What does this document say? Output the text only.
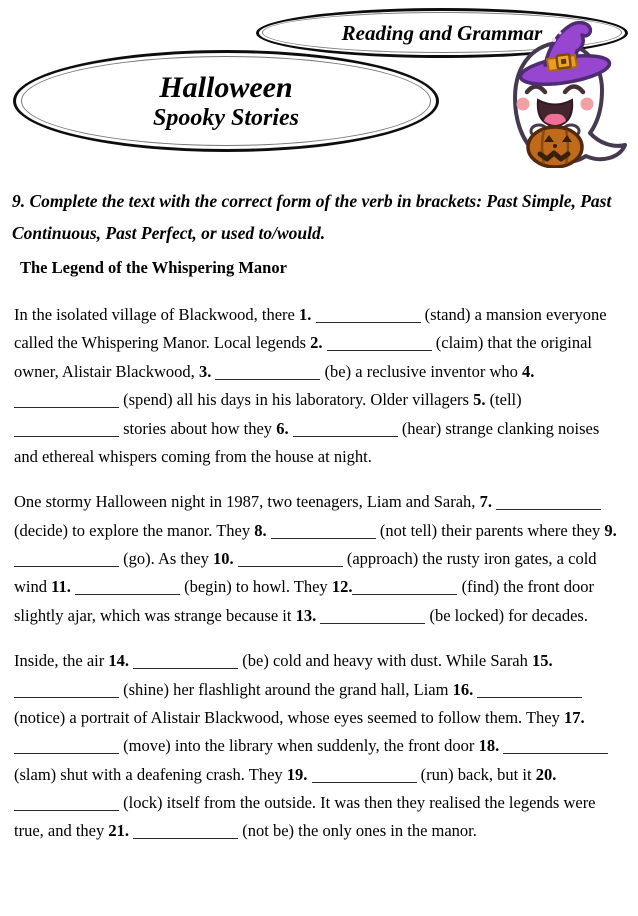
Reading and Grammar
Halloween
Spooky Stories
9. Complete the text with the correct form of the verb in brackets: Past Simple, Past Continuous, Past Perfect, or used to/would.
The Legend of the Whispering Manor
In the isolated village of Blackwood, there 1.	(stand) a mansion everyone called the Whispering Manor. Local legends 2.	(claim) that the original owner, Alistair Blackwood, 3.	(be) a reclusive inventor who 4.  (spend) all his days in his laboratory. Older villagers 5. (tell)  stories about how they 6.	(hear) strange clanking noises and ethereal whispers coming from the house at night.
One stormy Halloween night in 1987, two teenagers, Liam and Sarah, 7.  (decide) to explore the manor. They 8.	(not tell) their parents where they 9.  (go). As they 10.	(approach) the rusty iron gates, a cold wind 11.	(begin) to howl. They 12.	(find) the front door slightly ajar, which was strange because it 13.	(be locked) for decades.
Inside, the air 14.	(be) cold and heavy with dust. While Sarah 15.  (shine) her flashlight around the grand hall, Liam 16.  (notice) a portrait of Alistair Blackwood, whose eyes seemed to follow them. They 17.  (move) into the library when suddenly, the front door 18.  (slam) shut with a deafening crash. They 19.	(run) back, but it 20.  (lock) itself from the outside. It was then they realised the legends were true, and they 21.	(not be) the only ones in the manor.
